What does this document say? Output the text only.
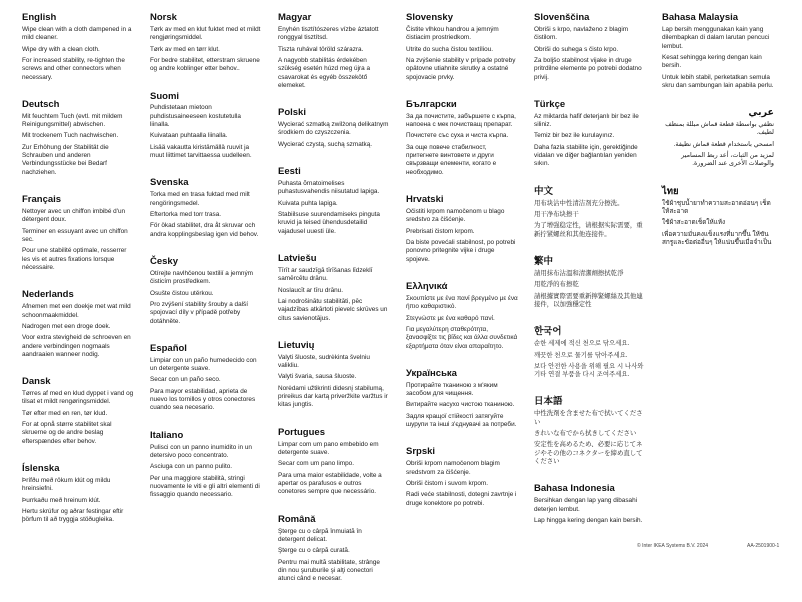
English

Wipe clean with a cloth dampened in a mild cleaner.

Wipe dry with a clean cloth.

For increased stability, re-tighten the screws and other connectors when necessary.

Deutsch

Mit feuchtem Tuch (evtl. mit mildem Reinigungsmittel) abwischen.

Mit trockenem Tuch nachwischen.

Zur Erhöhung der Stabilität die Schrauben und anderen Verbindungsstücke bei Bedarf nachziehen.

Français

Nettoyer avec un chiffon imbibé d'un détergent doux.

Terminer en essuyant avec un chiffon sec.

Pour une stabilité optimale, resserrer les vis et autres fixations lorsque nécessaire.

Nederlands

Afnemen met een doekje met wat mild schoonmaakmiddel.

Nadrogen met een droge doek.

Voor extra stevigheid de schroeven en andere verbindingen nogmaals aandraaien wanneer nodig.

Dansk

Tørres af med en klud dyppet i vand og tilsat et mildt rengøringsmiddel.

Tør efter med en ren, tør klud.

For at opnå større stabilitet skal skruerne og de andre beslag efterspændes efter behov.

Íslenska

Þrífðu með rökum klút og mildu hreinsiefni.

Þurrkaðu með hreinum klút.

Hertu skrúfur og aðrar festingar eftir þörfum til að tryggja stöðugleika.

Norsk

Tørk av med en klut fuktet med et mildt rengjøringsmiddel.

Tørk av med en tørr klut.

For bedre stabilitet, etterstram skruene og andre koblinger etter behov..

Suomi

Puhdistetaan mietoon puhdistusaineeseen kostutetulla liinalla.

Kuivataan puhtaalla liinalla.

Lisää vakautta kiristämällä ruuvit ja muut liittimet tarvittaessa uudelleen.

Svenska

Torka med en trasa fuktad med milt rengöringsmedel.

Eftertorka med torr trasa.

För ökad stabilitet, dra åt skruvar och andra kopplingsbeslag igen vid behov.

Česky

Otírejte navlhčenou textilií a jemným čisticím prostředkem.

Osušte čistou utěrkou.

Pro zvýšení stability šrouby a další spojovací díly v případě potřeby dotáhněte.

Español

Limpiar con un paño humedecido con un detergente suave.

Secar con un paño seco.

Para mayor estabilidad, aprieta de nuevo los tornillos y otros conectores cuando sea necesario.

Italiano

Pulisci con un panno inumidito in un detersivo poco concentrato.

Asciuga con un panno pulito.

Per una maggiore stabilità, stringi nuovamente le viti e gli altri elementi di fissaggio quando necessario.

Magyar

Enyhén tisztítószeres vízbe áztatott ronggyal tisztítsd.

Tiszta ruhával töröld szárazra.

A nagyobb stabilitás érdekében szükség esetén húzd meg újra a csavarokat és egyéb összekötő elemeket.

Polski

Wycierać szmatką zwilżoną delikatnym środkiem do czyszczenia.

Wycierać czystą, suchą szmatką.

Eesti

Puhasta õrnatoimelises puhastusvahendis niisutatud lapiga.

Kuivata puhta lapiga.

Stabiilsuse suurendamiseks pinguta kruvid ja teised ühendusdetailid vajadusel uuesti üle.

Latviešu

Tīrīt ar saudzīgā tīrīšanas līdzeklī samērcētu drānu.

Noslaucīt ar tīru drānu.

Lai nodrošinātu stabilitāti, pēc vajadzības atkārtoti pievelc skrūves un citus savienotājus.

Lietuvių

Valyti šluoste, sudrėkinta švelniu valikliu.

Valyti švaria, sausa šluoste.

Norėdami užtikrinti didesnį stabilumą, prireikus dar kartą priveržkite varžtus ir kitas jungtis.

Portugues

Limpar com um pano embebido em detergente suave.

Secar com um pano limpo.

Para uma maior estabilidade, volte a apertar os parafusos e outros conetores sempre que necessário.

Română

Şterge cu o cârpă înmuiată în detergent delicat.

Şterge cu o cârpă curată.

Pentru mai multă stabilitate, strânge din nou şuruburile şi alţi conectori atunci când e necesar.

Slovensky

Čistite vlhkou handrou a jemným čistiacim prostriedkom.

Utrite do sucha čistou textíliou.

Na zvýšenie stability v prípade potreby opätovne utiahnite skrutky a ostatné spojovacie prvky.

Български

За да почистите, забършете с кърпа, напоена с мек почистващ препарат.

Почистете със суха и чиста кърпа.

За още повече стабилност, притегнете винтовете и други свързващи елементи, когато е необходимо.

Hrvatski

Očistiti krpom namočenom u blago sredstvo za čišćenje.

Prebrisati čistom krpom.

Da biste povećali stabilnost, po potrebi ponovno pritegnite vijke i druge spojeve.

Ελληνικά

Σκουπίστε με ένα πανί βρεγμένο με ένα ήπιο καθαριστικό.

Στεγνώστε με ένα καθαρό πανί.

Για μεγαλύτερη σταθερότητα, ξανασφίξτε τις βίδες και άλλα συνδετικά εξαρτήματα όταν είναι απαραίτητο.

Українська

Протирайте тканиною з м'яким засобом для чищення.

Витирайте насухо чистою тканиною.

Задля кращої стійкості затягуйте шурупи та інші з'єднувачі за потреби.

Srpski

Obriši krpom namočenom blagim sredstvom za čišćenje.

Obriši čistom i suvom krpom.

Radi veće stabilnosti, dotegni zavrtnje i druge konektore po potrebi.

Slovenščina

Obriši s krpo, navlaženo z blagim čistilom.

Obriši do suhega s čisto krpo.

Za boljšo stabilnost vijake in druge pritrdilne elemente po potrebi dodatno privij.

Türkçe

Az miktarda hafif deterjanlı bir bez ile siliniz.

Temiz bir bez ile kurulayınız.

Daha fazla stabilite için, gerektiğinde vidaları ve diğer bağlantıları yeniden sıkın.

中文

用布块沾中性清洁剂充分擦洗。

用干净布块擦干

为了增强稳定性，请根据实际需要，重新拧紧螺丝和其他连接件。

繁中

請用抹布沾溫和清潔劑擦拭乾淨

用乾淨的布擦乾

請根據實際需要重新擰緊螺絲及其他連接件，以加強穩定性

한국어

순한 세제에 적신 천으로 닦으세요.

깨끗한 천으로 물기를 닦아주세요.

보다 안전한 사용을 위해 필요 시 나사와 기타 연결 부품을 다시 조여주세요.

日本語

中性洗剤を含ませた布で拭いてください

きれいな布でから拭きしてください

安定性を高めるため、必要に応じてネジやその他のコネクターを締め直してください

Bahasa Indonesia

Bersihkan dengan lap yang dibasahi deterjen lembut.

Lap hingga kering dengan kain bersih.

Bahasa Malaysia

Lap bersih menggunakan kain yang dilembapkan di dalam larutan pencuci lembut.

Kesat sehingga kering dengan kain bersih.

Untuk lebih stabil, perketatkan semula skru dan sambungan lain apabila perlu.

عربي

نظفي بواسطة قطعة قماش مبللة بمنظف لطيف.

امسحي باستخدام قطعة قماش نظيفة.

لمزيد من الثبات، أعد ربط المسامير والوصلات الأخرى عند الضرورة.

ไทย

ใช้ผ้าชุบน้ำยาทำความสะอาดอ่อนๆ เช็ดให้สะอาด

ใช้ผ้าสะอาดเช็ดให้แห้ง

เพื่อความมั่นคงแข็งแรงที่มากขึ้น ให้ขันสกรูและข้อต่ออื่นๆ ให้แน่นขึ้นเมื่อจำเป็น

© Inter IKEA Systems B.V. 2024	AA-2501900-1
